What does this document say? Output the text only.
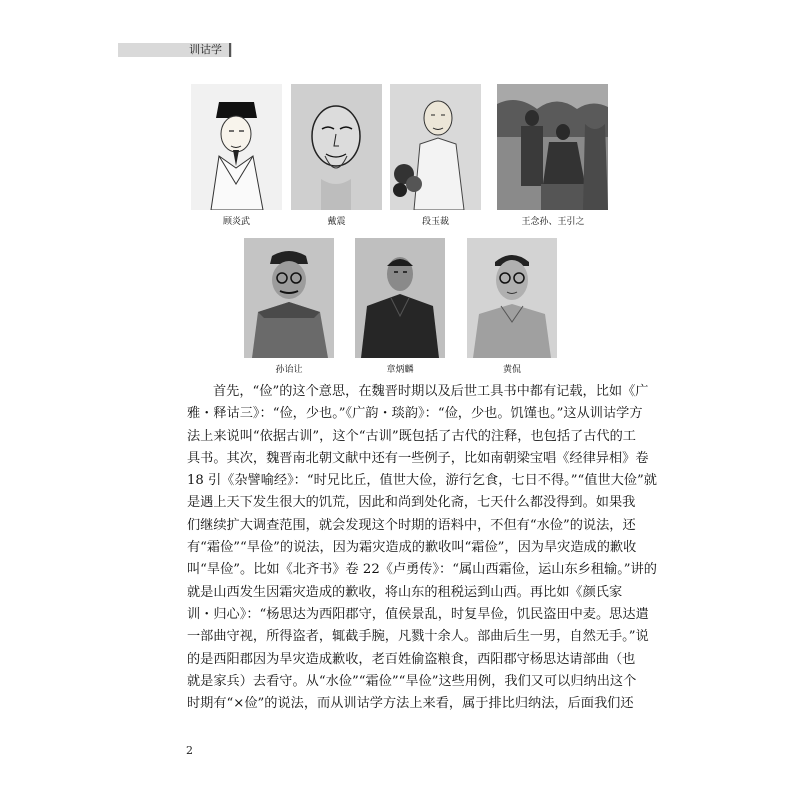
训诂学
顾炎武	戴震	段玉裁	王念孙、王引之
孙诒让	章炳麟	黄侃
首先，“俭”的这个意思，在魏晋时期以及后世工具书中都有记载，比如《广
雅・释诂三》：“俭，少也。”《广韵・琰韵》：“俭，少也。饥馑也。”这从训诂学方
法上来说叫“依据古训”，这个“古训”既包括了古代的注释，也包括了古代的工
具书。其次，魏晋南北朝文献中还有一些例子，比如南朝梁宝唱《经律异相》卷
18 引《杂譬喻经》：“时兄比丘，值世大俭，游行乞食，七日不得。”“值世大俭”就
是遇上天下发生很大的饥荒，因此和尚到处化斋，七天什么都没得到。如果我
们继续扩大调查范围，就会发现这个时期的语料中，不但有“水俭”的说法，还
有“霜俭”“旱俭”的说法，因为霜灾造成的歉收叫“霜俭”，因为旱灾造成的歉收
叫“旱俭”。比如《北齐书》卷 22《卢勇传》：“属山西霜俭，运山东乡租输。”讲的
就是山西发生因霜灾造成的歉收，将山东的租税运到山西。再比如《颜氏家
训・归心》：“杨思达为西阳郡守，值侯景乱，时复旱俭，饥民盗田中麦。思达遣
一部曲守视，所得盗者，辄截手腕，凡戮十余人。部曲后生一男，自然无手。”说
的是西阳郡因为旱灾造成歉收，老百姓偷盗粮食，西阳郡守杨思达请部曲（也
就是家兵）去看守。从“水俭”“霜俭”“旱俭”这些用例，我们又可以归纳出这个
时期有“×俭”的说法，而从训诂学方法上来看，属于排比归纳法，后面我们还
2
